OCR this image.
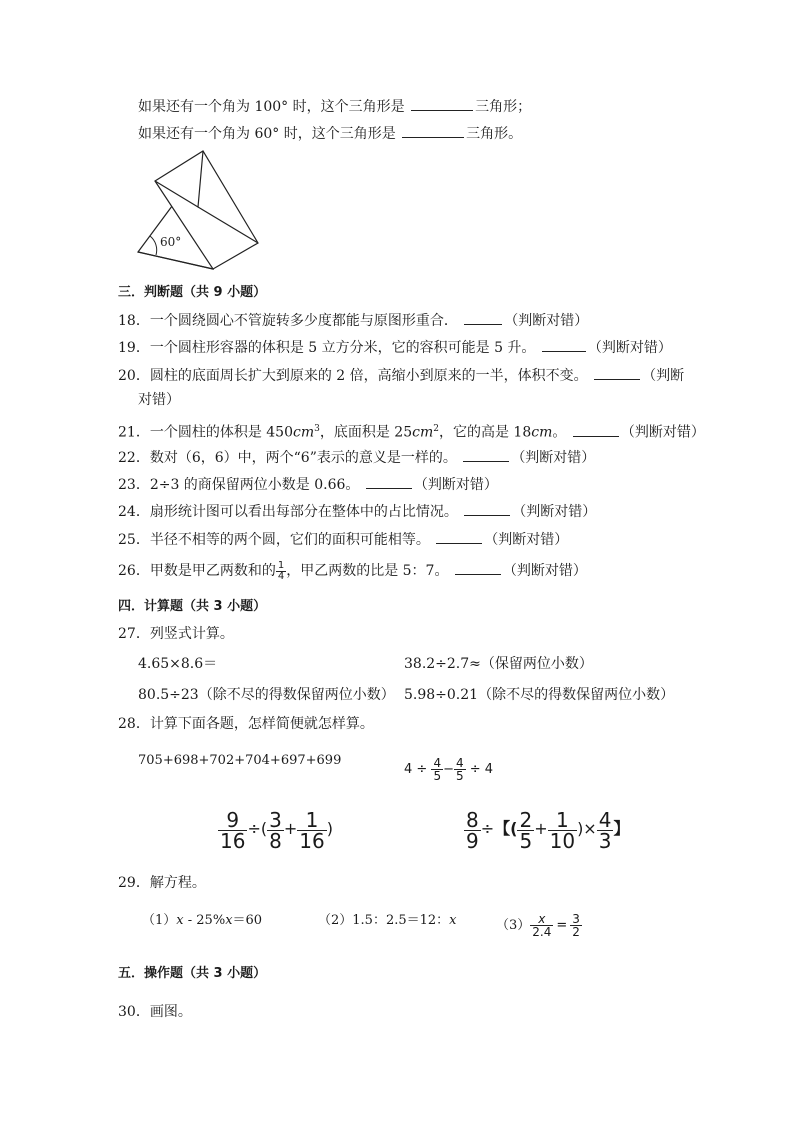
如果还有一个角为 100° 时，这个三角形是	三角形；
如果还有一个角为 60° 时，这个三角形是	三角形。
60°
三．判断题（共 9 小题）
18．一个圆绕圆心不管旋转多少度都能与原图形重合．	（判断对错）
19．一个圆柱形容器的体积是 5 立方分米，它的容积可能是 5 升。	（判断对错）
20．圆柱的底面周长扩大到原来的 2 倍，高缩小到原来的一半，体积不变。	（判断
对错）
21．一个圆柱的体积是 $450cm^3$，底面积是 $25cm^2$，它的高是 18cm。	（判断对错）
22．数对（6，6）中，两个“6”表示的意义是一样的。	（判断对错）
23．2÷3 的商保留两位小数是 0.66。	（判断对错）
24．扇形统计图可以看出每部分在整体中的占比情况。	（判断对错）
25．半径不相等的两个圆，它们的面积可能相等。	（判断对错）
26．甲数是甲乙两数和的 $\frac{1}{4}$ ，甲乙两数的比是 5：7。	（判断对错）
四．计算题（共 3 小题）
27．列竖式计算。
4.65×8.6＝	38.2÷2.7≈（保留两位小数）
80.5÷23（除不尽的得数保留两位小数） 5.98÷0.21（除不尽的得数保留两位小数）
28．计算下面各题，怎样简便就怎样算。
705+698+702+704+697+699
$4 \div \frac{4}{5} - \frac{4}{5} \div 4$
$\frac{9}{16}$ ÷( $\frac{3}{8} + \frac{1}{16}$ )	$\frac{8}{9}$ ÷【( $\frac{2}{5} + \frac{1}{10}$ )× $\frac{4}{3}$ 】
29．解方程。
（1）x - 25%x＝60	（2）1.5：2.5＝12：x	$(3) \frac{x}{2.4} = \frac{3}{2}$
五．操作题（共 3 小题）
30．画图。
